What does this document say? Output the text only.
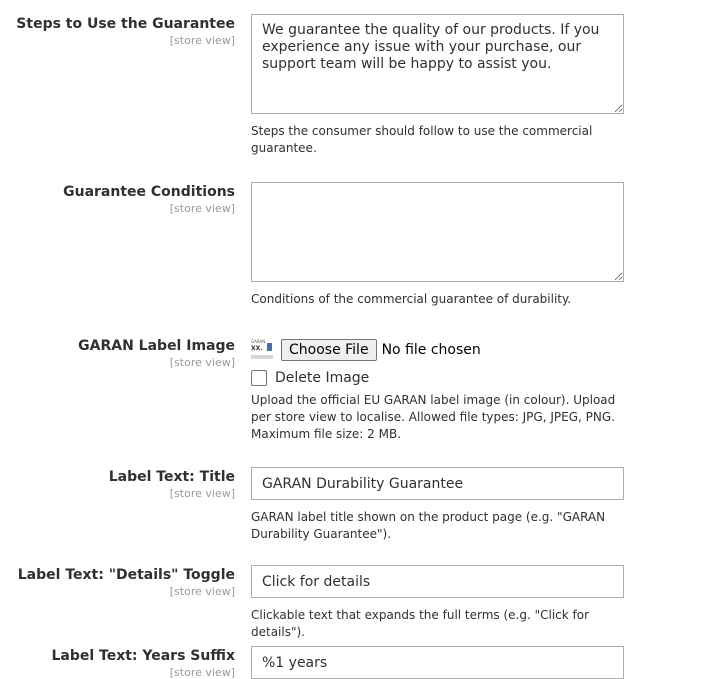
Steps to Use the Guarantee
[store view]
We guarantee the quality of our products. If you experience any issue with your purchase, our support team will be happy to assist you.
Steps the consumer should follow to use the commercial guarantee.
Guarantee Conditions
[store view]
Conditions of the commercial guarantee of durability.
GARAN Label Image
[store view]
GARAN
XX.	Choose File No file chosen
Delete Image
Upload the official EU GARAN label image (in colour). Upload per store view to localise. Allowed file types: JPG, JPEG, PNG. Maximum file size: 2 MB.
Label Text: Title
[store view]
GARAN Durability Guarantee
GARAN label title shown on the product page (e.g. "GARAN Durability Guarantee").
Label Text: "Details" Toggle
[store view]
Click for details
Clickable text that expands the full terms (e.g. "Click for details").
Label Text: Years Suffix
[store view]
%1 years
